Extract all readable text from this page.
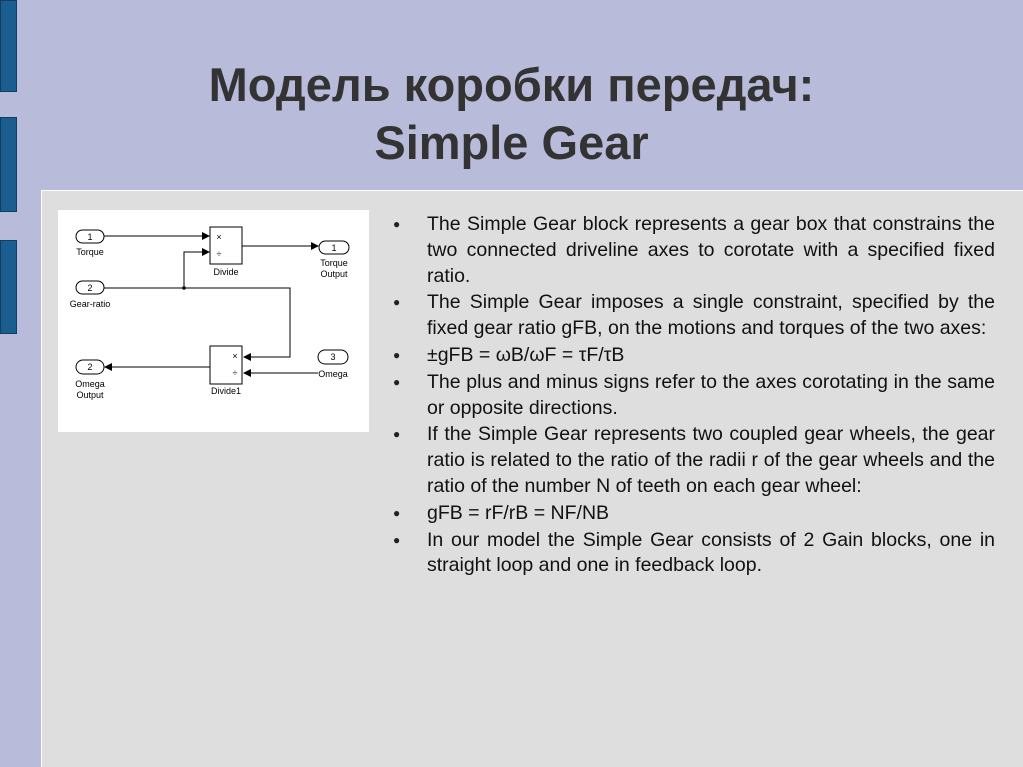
Модель коробки передач:
Simple Gear
1
Torque
2
Gear-ratio
3
Omega
1
Torque
Output
2
Omega
Output
×
÷
Divide
×
÷
Divide1
● The Simple Gear block represents a gear box that constrains the two connected driveline axes to corotate with a specified fixed ratio.
● The Simple Gear imposes a single constraint, specified by the fixed gear ratio gFB, on the motions and torques of the two axes:
● ±gFB = ωB/ωF = τF/τB
● The plus and minus signs refer to the axes corotating in the same or opposite directions.
● If the Simple Gear represents two coupled gear wheels, the gear ratio is related to the ratio of the radii r of the gear wheels and the ratio of the number N of teeth on each gear wheel:
● gFB = rF/rB = NF/NB
● In our model the Simple Gear consists of 2 Gain blocks, one in straight loop and one in feedback loop.
